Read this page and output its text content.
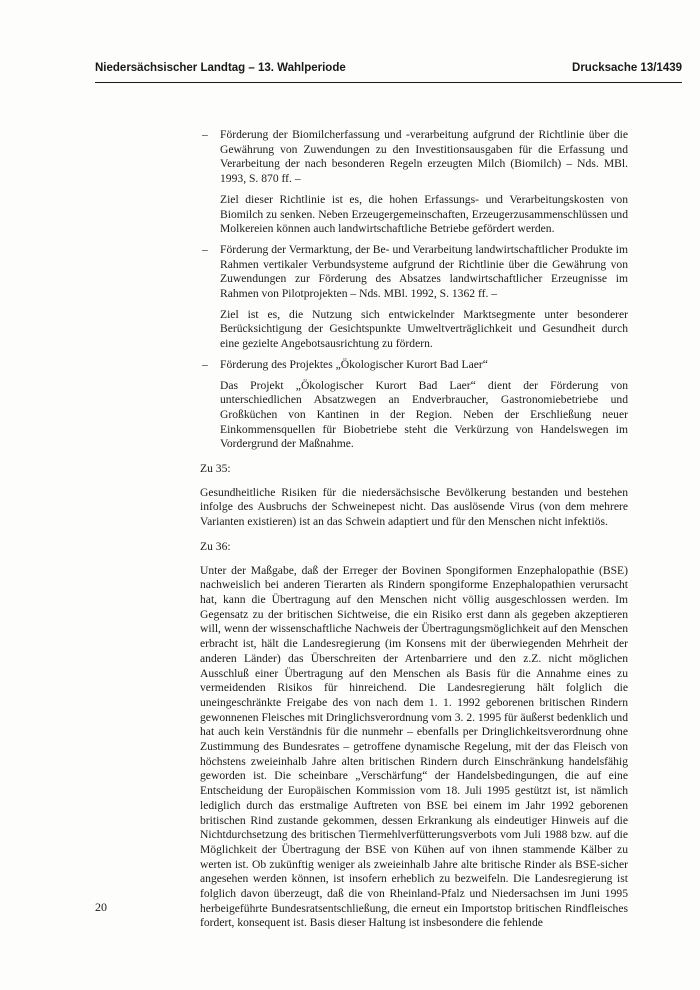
Niedersächsischer Landtag – 13. Wahlperiode	Drucksache 13/1439
– Förderung der Biomilcherfassung und -verarbeitung aufgrund der Richtlinie über die Gewährung von Zuwendungen zu den Investitionsausgaben für die Erfassung und Verarbeitung der nach besonderen Regeln erzeugten Milch (Biomilch) – Nds. MBl. 1993, S. 870 ff. –

Ziel dieser Richtlinie ist es, die hohen Erfassungs- und Verarbeitungskosten von Biomilch zu senken. Neben Erzeugergemeinschaften, Erzeugerzusammenschlüssen und Molkereien können auch landwirtschaftliche Betriebe gefördert werden.

– Förderung der Vermarktung, der Be- und Verarbeitung landwirtschaftlicher Produkte im Rahmen vertikaler Verbundsysteme aufgrund der Richtlinie über die Gewährung von Zuwendungen zur Förderung des Absatzes landwirtschaftlicher Erzeugnisse im Rahmen von Pilotprojekten – Nds. MBl. 1992, S. 1362 ff. –

Ziel ist es, die Nutzung sich entwickelnder Marktsegmente unter besonderer Berücksichtigung der Gesichtspunkte Umweltverträglichkeit und Gesundheit durch eine gezielte Angebotsausrichtung zu fördern.

– Förderung des Projektes „Ökologischer Kurort Bad Laer“

Das Projekt „Ökologischer Kurort Bad Laer“ dient der Förderung von unterschiedlichen Absatzwegen an Endverbraucher, Gastronomiebetriebe und Großküchen von Kantinen in der Region. Neben der Erschließung neuer Einkommensquellen für Biobetriebe steht die Verkürzung von Handelswegen im Vordergrund der Maßnahme.

Zu 35:

Gesundheitliche Risiken für die niedersächsische Bevölkerung bestanden und bestehen infolge des Ausbruchs der Schweinepest nicht. Das auslösende Virus (von dem mehrere Varianten existieren) ist an das Schwein adaptiert und für den Menschen nicht infektiös.

Zu 36:

Unter der Maßgabe, daß der Erreger der Bovinen Spongiformen Enzephalopathie (BSE) nachweislich bei anderen Tierarten als Rindern spongiforme Enzephalopathien verursacht hat, kann die Übertragung auf den Menschen nicht völlig ausgeschlossen werden. Im Gegensatz zu der britischen Sichtweise, die ein Risiko erst dann als gegeben akzeptieren will, wenn der wissenschaftliche Nachweis der Übertragungsmöglichkeit auf den Menschen erbracht ist, hält die Landesregierung (im Konsens mit der überwiegenden Mehrheit der anderen Länder) das Überschreiten der Artenbarriere und den z.Z. nicht möglichen Ausschluß einer Übertragung auf den Menschen als Basis für die Annahme eines zu vermeidenden Risikos für hinreichend. Die Landesregierung hält folglich die uneingeschränkte Freigabe des von nach dem 1. 1. 1992 geborenen britischen Rindern gewonnenen Fleisches mit Dringlichsverordnung vom 3. 2. 1995 für äußerst bedenklich und hat auch kein Verständnis für die nunmehr – ebenfalls per Dringlichkeitsverordnung ohne Zustimmung des Bundesrates – getroffene dynamische Regelung, mit der das Fleisch von höchstens zweieinhalb Jahre alten britischen Rindern durch Einschränkung handelsfähig geworden ist. Die scheinbare „Verschärfung“ der Handelsbedingungen, die auf eine Entscheidung der Europäischen Kommission vom 18. Juli 1995 gestützt ist, ist nämlich lediglich durch das erstmalige Auftreten von BSE bei einem im Jahr 1992 geborenen britischen Rind zustande gekommen, dessen Erkrankung als eindeutiger Hinweis auf die Nichtdurchsetzung des britischen Tiermehlverfütterungsverbots vom Juli 1988 bzw. auf die Möglichkeit der Übertragung der BSE von Kühen auf von ihnen stammende Kälber zu werten ist. Ob zukünftig weniger als zweieinhalb Jahre alte britische Rinder als BSE-sicher angesehen werden können, ist insofern erheblich zu bezweifeln. Die Landesregierung ist folglich davon überzeugt, daß die von Rheinland-Pfalz und Niedersachsen im Juni 1995 herbeigeführte Bundesratsentschließung, die erneut ein Importstop britischen Rindfleisches fordert, konsequent ist. Basis dieser Haltung ist insbesondere die fehlende

20
